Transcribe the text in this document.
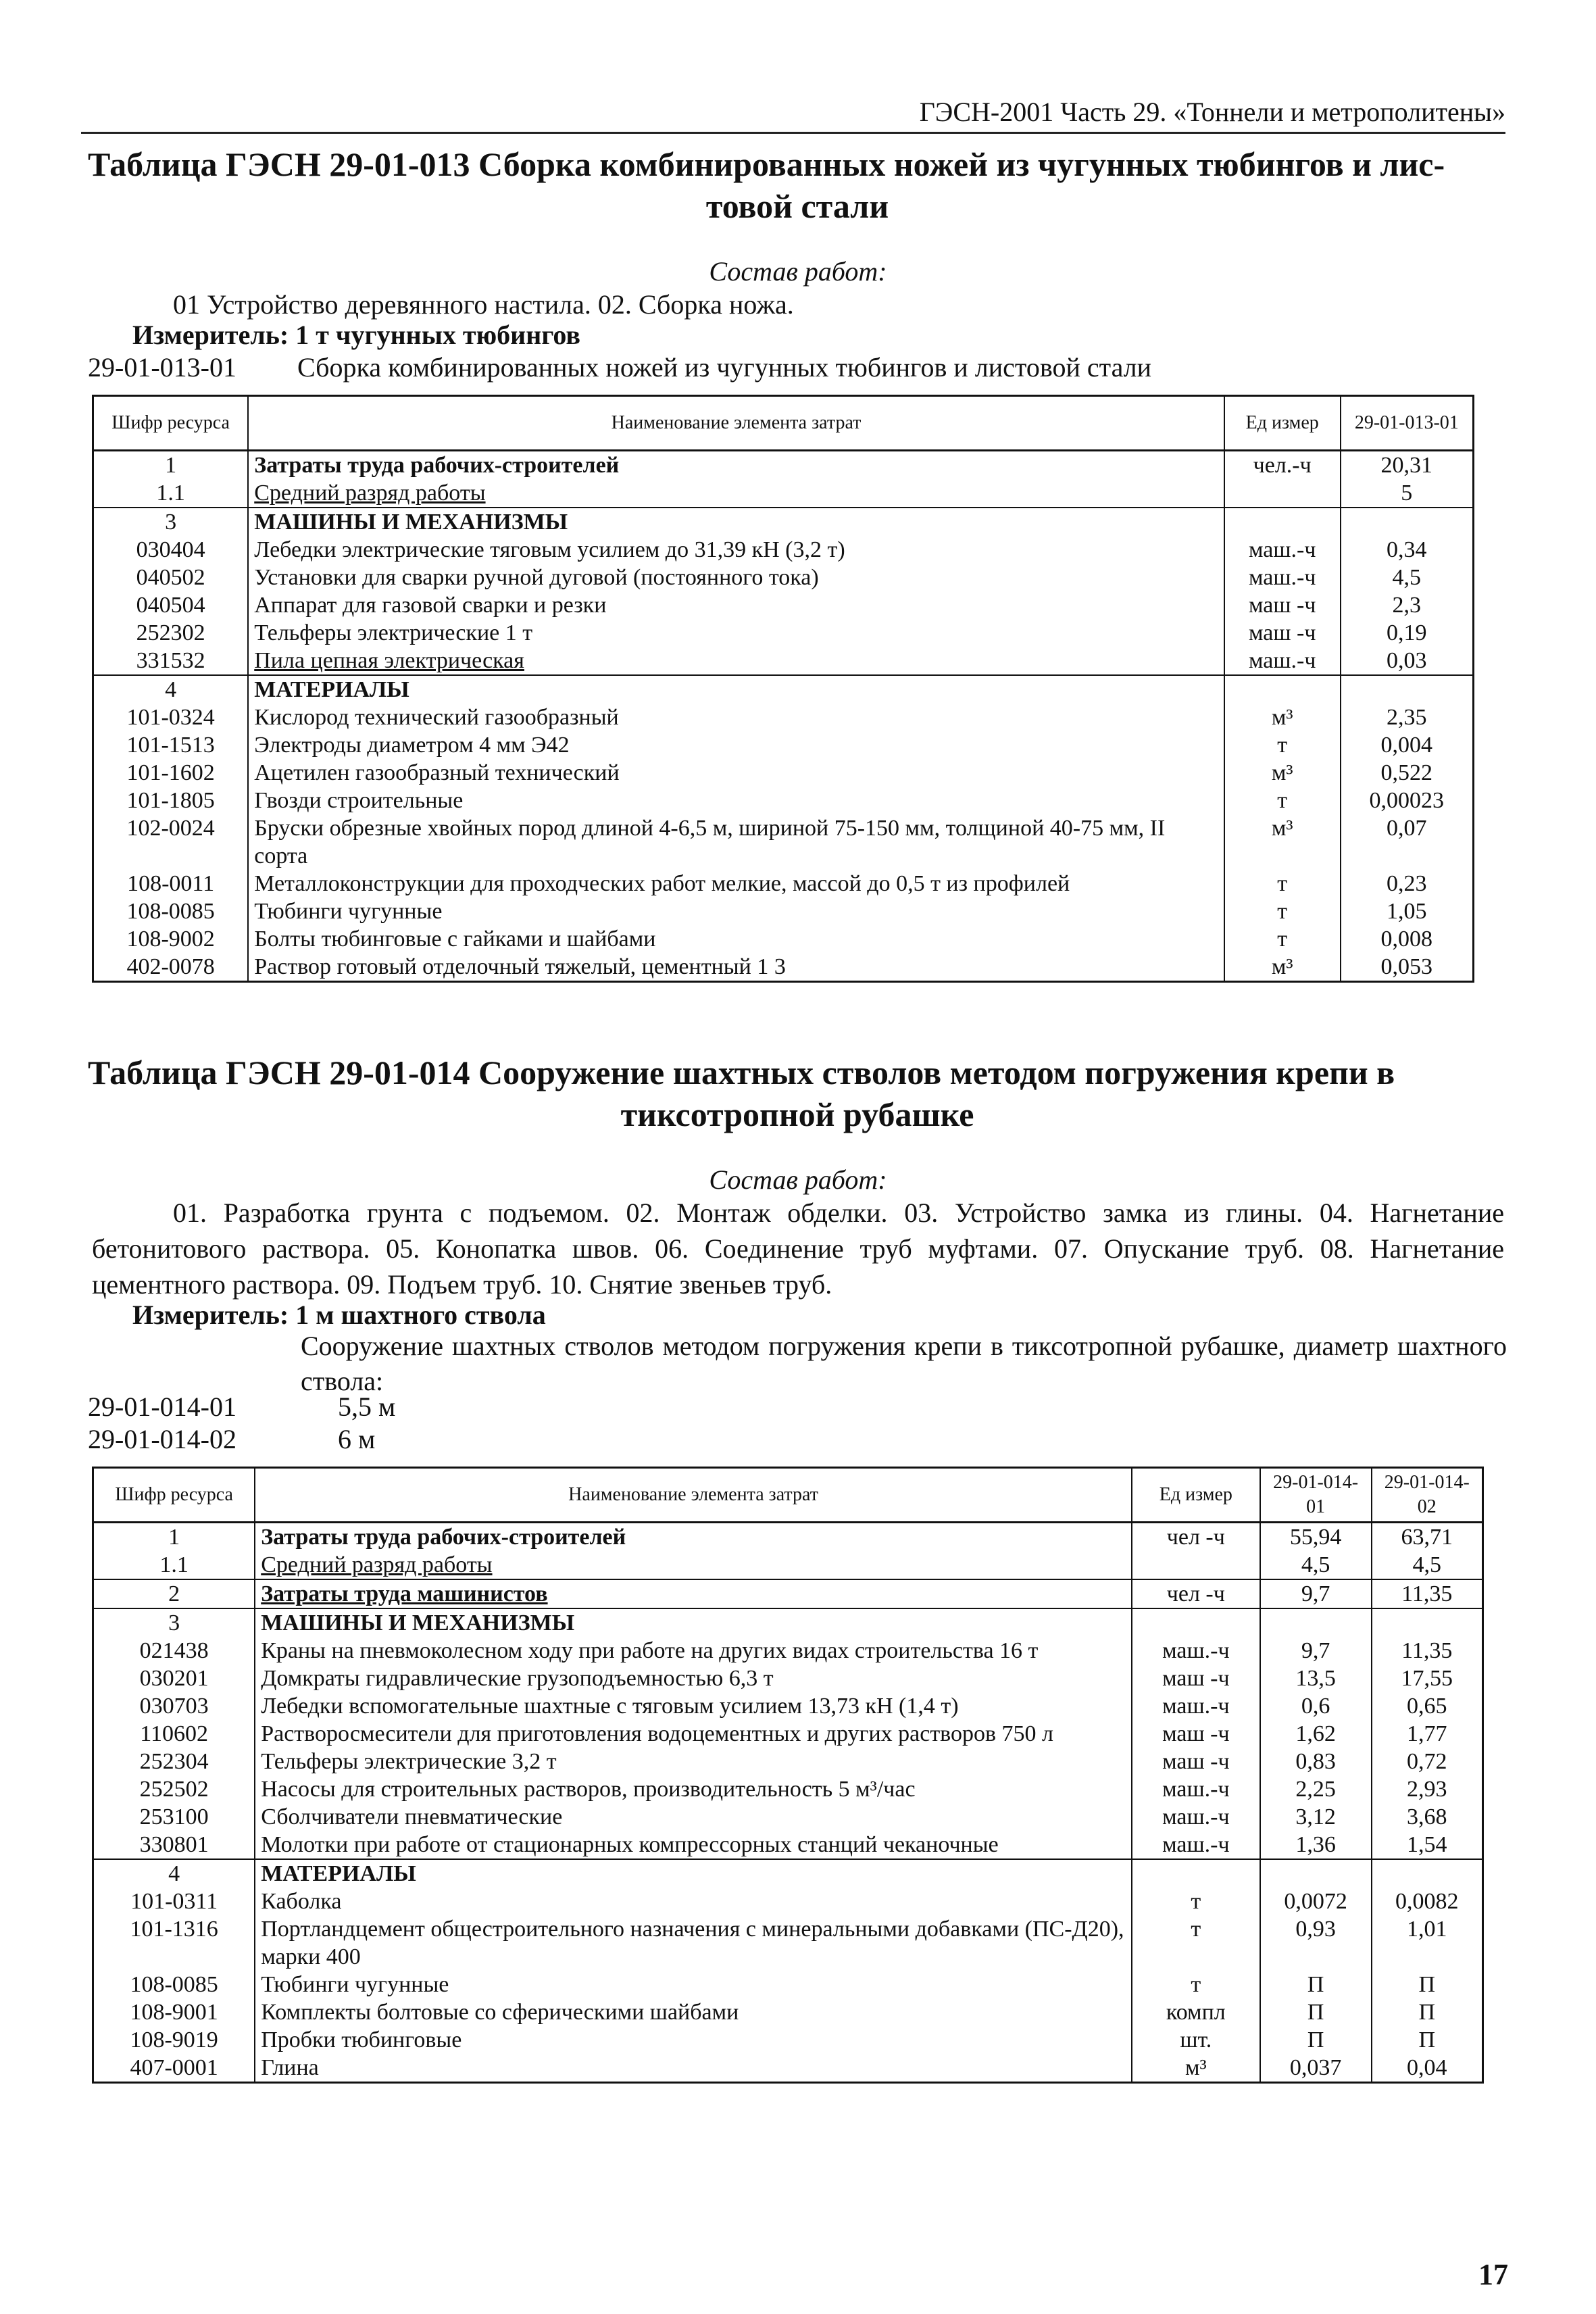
ГЭСН-2001 Часть 29. «Тоннели и метрополитены»
Таблица ГЭСН 29-01-013 Сборка комбинированных ножей из чугунных тюбингов и лис-
товой стали
Состав работ:
01 Устройство деревянного настила. 02. Сборка ножа.
Измеритель: 1 т чугунных тюбингов
29-01-013-01 Сборка комбинированных ножей из чугунных тюбингов и листовой стали
Шифр ресурса	Наименование элемента затрат	Ед измер	29-01-013-01
1	Затраты труда рабочих-строителей	чел.-ч	20,31
1.1	Средний разряд работы		5
3	МАШИНЫ И МЕХАНИЗМЫ		
030404	Лебедки электрические тяговым усилием до 31,39 кН (3,2 т)	маш.-ч	0,34
040502	Установки для сварки ручной дуговой (постоянного тока)	маш.-ч	4,5
040504	Аппарат для газовой сварки и резки	маш -ч	2,3
252302	Тельферы электрические 1 т	маш -ч	0,19
331532	Пила цепная электрическая	маш.-ч	0,03
4	МАТЕРИАЛЫ		
101-0324	Кислород технический газообразный	м³	2,35
101-1513	Электроды диаметром 4 мм Э42	т	0,004
101-1602	Ацетилен газообразный технический	м³	0,522
101-1805	Гвозди строительные	т	0,00023
102-0024	Бруски обрезные хвойных пород длиной 4-6,5 м, шириной 75-150 мм, толщиной 40-75 мм, II сорта	м³	0,07
108-0011	Металлоконструкции для проходческих работ мелкие, массой до 0,5 т из профилей	т	0,23
108-0085	Тюбинги чугунные	т	1,05
108-9002	Болты тюбинговые с гайками и шайбами	т	0,008
402-0078	Раствор готовый отделочный тяжелый, цементный 1 3	м³	0,053
Таблица ГЭСН 29-01-014 Сооружение шахтных стволов методом погружения крепи в
тиксотропной рубашке
Состав работ:
01. Разработка грунта с подъемом. 02. Монтаж обделки. 03. Устройство замка из глины. 04. Нагнетание бетонитового раствора. 05. Конопатка швов. 06. Соединение труб муфтами. 07. Опускание труб. 08. Нагнетание цементного раствора. 09. Подъем труб. 10. Снятие звеньев труб.
Измеритель: 1 м шахтного ствола
Сооружение шахтных стволов методом погружения крепи в тиксотропной рубашке, диаметр шахтного ствола:
29-01-014-01	5,5 м
29-01-014-02	6 м
Шифр ресурса	Наименование элемента затрат	Ед измер	29-01-014-01	29-01-014-02
1	Затраты труда рабочих-строителей	чел -ч	55,94	63,71
1.1	Средний разряд работы		4,5	4,5
2	Затраты труда машинистов	чел -ч	9,7	11,35
3	МАШИНЫ И МЕХАНИЗМЫ			
021438	Краны на пневмоколесном ходу при работе на других видах строительства 16 т	маш.-ч	9,7	11,35
030201	Домкраты гидравлические грузоподъемностью 6,3 т	маш -ч	13,5	17,55
030703	Лебедки вспомогательные шахтные с тяговым усилием 13,73 кН (1,4 т)	маш.-ч	0,6	0,65
110602	Растворосмесители для приготовления водоцементных и других растворов 750 л	маш -ч	1,62	1,77
252304	Тельферы электрические 3,2 т	маш -ч	0,83	0,72
252502	Насосы для строительных растворов, производительность 5 м³/час	маш.-ч	2,25	2,93
253100	Сболчиватели пневматические	маш.-ч	3,12	3,68
330801	Молотки при работе от стационарных компрессорных станций чеканочные	маш.-ч	1,36	1,54
4	МАТЕРИАЛЫ			
101-0311	Каболка	т	0,0072	0,0082
101-1316	Портландцемент общестроительного назначения с минеральными добавками (ПС-Д20), марки 400	т	0,93	1,01
108-0085	Тюбинги чугунные	т	П	П
108-9001	Комплекты болтовые со сферическими шайбами	компл	П	П
108-9019	Пробки тюбинговые	шт.	П	П
407-0001	Глина	м³	0,037	0,04
17
